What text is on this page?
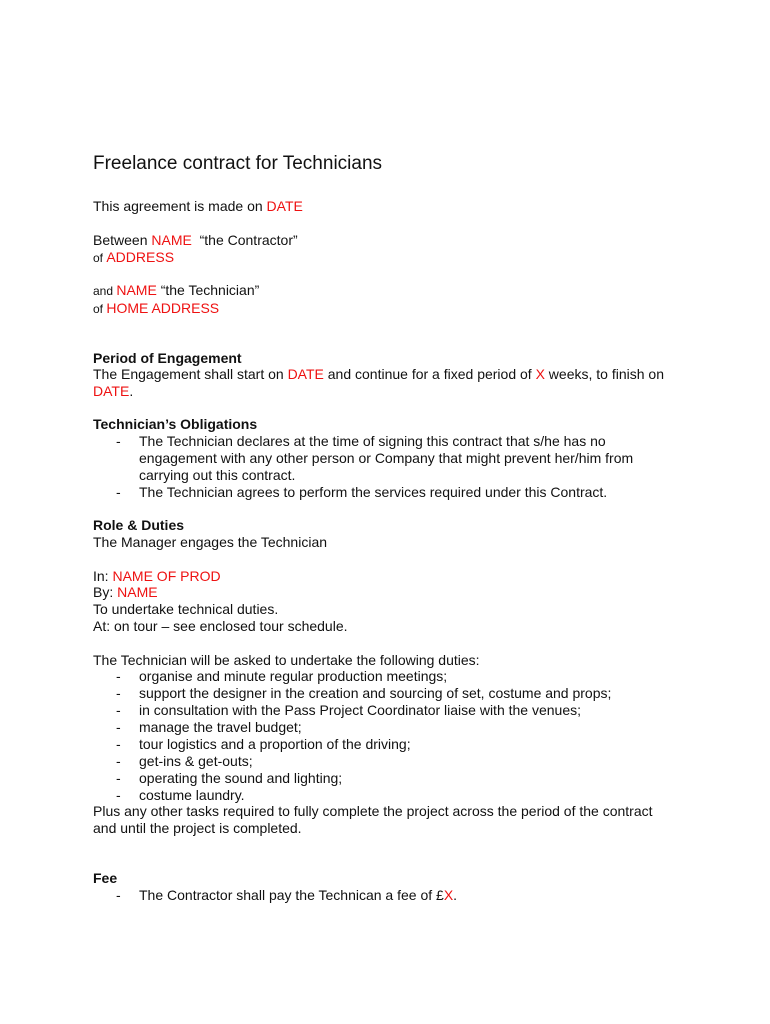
Freelance contract for Technicians
This agreement is made on DATE
Between NAME  “the Contractor”
of ADDRESS
and NAME “the Technician”
of HOME ADDRESS
Period of Engagement
The Engagement shall start on DATE and continue for a fixed period of X weeks, to finish on DATE.
Technician’s Obligations
- The Technician declares at the time of signing this contract that s/he has no engagement with any other person or Company that might prevent her/him from carrying out this contract.
- The Technician agrees to perform the services required under this Contract.
Role & Duties
The Manager engages the Technician
In: NAME OF PROD
By: NAME
To undertake technical duties.
At: on tour – see enclosed tour schedule.
The Technician will be asked to undertake the following duties:
- organise and minute regular production meetings;
- support the designer in the creation and sourcing of set, costume and props;
- in consultation with the Pass Project Coordinator liaise with the venues;
- manage the travel budget;
- tour logistics and a proportion of the driving;
- get-ins & get-outs;
- operating the sound and lighting;
- costume laundry.
Plus any other tasks required to fully complete the project across the period of the contract and until the project is completed.
Fee
- The Contractor shall pay the Technican a fee of £X.
